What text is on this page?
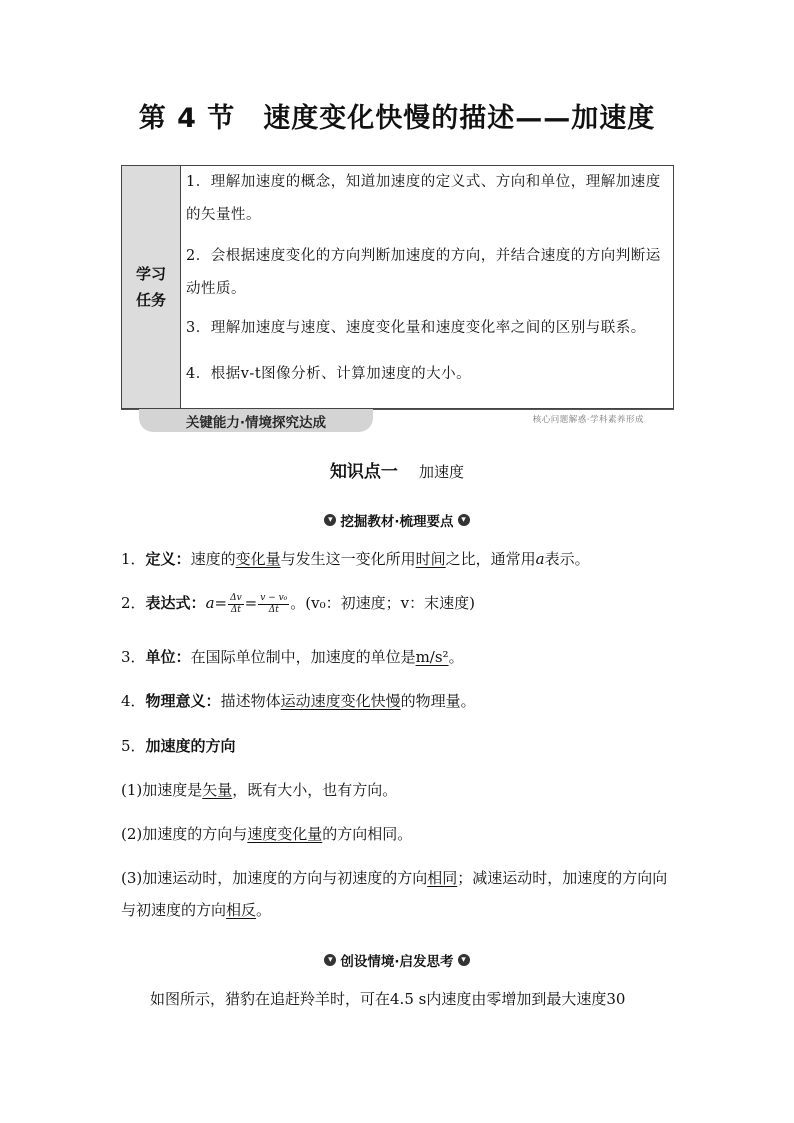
第 4 节　速度变化快慢的描述——加速度
学习
任务
1．理解加速度的概念，知道加速度的定义式、方向和单位，理解加速度的矢量性。
2．会根据速度变化的方向判断加速度的方向，并结合速度的方向判断运动性质。
3．理解加速度与速度、速度变化量和速度变化率之间的区别与联系。
4．根据v-t图像分析、计算加速度的大小。
关键能力·情境探究达成	核心问题解惑·学科素养形成
知识点一 加速度
▾ 挖掘教材·梳理要点 ▾
1．定义：速度的变化量与发生这一变化所用时间之比，通常用a表示。
2．表达式：$a= \frac{\Delta v}{\Delta t} = \frac{\text{v − v₀}}{\Delta t}$ 。(v₀：初速度；v：末速度)
3．单位：在国际单位制中，加速度的单位是m/s²。
4．物理意义：描述物体运动速度变化快慢的物理量。
5．加速度的方向
(1)加速度是矢量，既有大小，也有方向。
(2)加速度的方向与速度变化量的方向相同。
(3)加速运动时，加速度的方向与初速度的方向相同；减速运动时，加速度的方向向与初速度的方向相反。
▾ 创设情境·启发思考 ▾
如图所示，猎豹在追赶羚羊时，可在4.5 s内速度由零增加到最大速度30
